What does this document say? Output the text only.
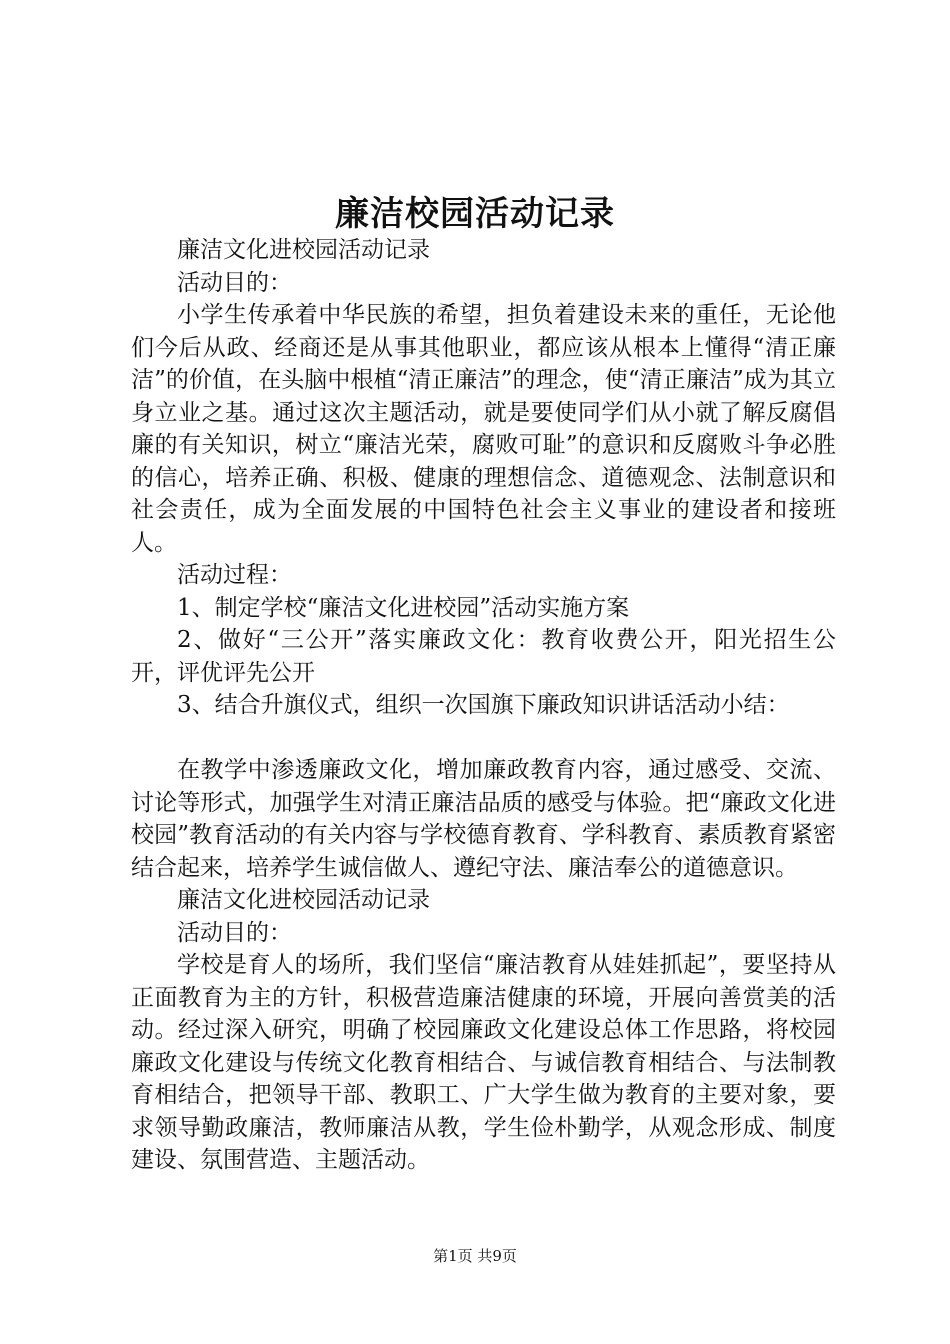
廉洁校园活动记录

廉洁文化进校园活动记录

活动目的：

小学生传承着中华民族的希望，担负着建设未来的重任，无论他们今后从政、经商还是从事其他职业，都应该从根本上懂得“清正廉洁”的价值，在头脑中根植“清正廉洁”的理念，使“清正廉洁”成为其立身立业之基。通过这次主题活动，就是要使同学们从小就了解反腐倡廉的有关知识，树立“廉洁光荣，腐败可耻”的意识和反腐败斗争必胜的信心，培养正确、积极、健康的理想信念、道德观念、法制意识和社会责任，成为全面发展的中国特色社会主义事业的建设者和接班人。

活动过程：

1、制定学校“廉洁文化进校园”活动实施方案

2、做好“三公开”落实廉政文化：教育收费公开，阳光招生公开，评优评先公开

3、结合升旗仪式，组织一次国旗下廉政知识讲话活动小结：

在教学中渗透廉政文化，增加廉政教育内容，通过感受、交流、讨论等形式，加强学生对清正廉洁品质的感受与体验。把“廉政文化进校园”教育活动的有关内容与学校德育教育、学科教育、素质教育紧密结合起来，培养学生诚信做人、遵纪守法、廉洁奉公的道德意识。

廉洁文化进校园活动记录

活动目的：

学校是育人的场所，我们坚信“廉洁教育从娃娃抓起”，要坚持从正面教育为主的方针，积极营造廉洁健康的环境，开展向善赏美的活动。经过深入研究，明确了校园廉政文化建设总体工作思路，将校园廉政文化建设与传统文化教育相结合、与诚信教育相结合、与法制教育相结合，把领导干部、教职工、广大学生做为教育的主要对象，要求领导勤政廉洁，教师廉洁从教，学生俭朴勤学，从观念形成、制度建设、氛围营造、主题活动。

第1页 共9页
